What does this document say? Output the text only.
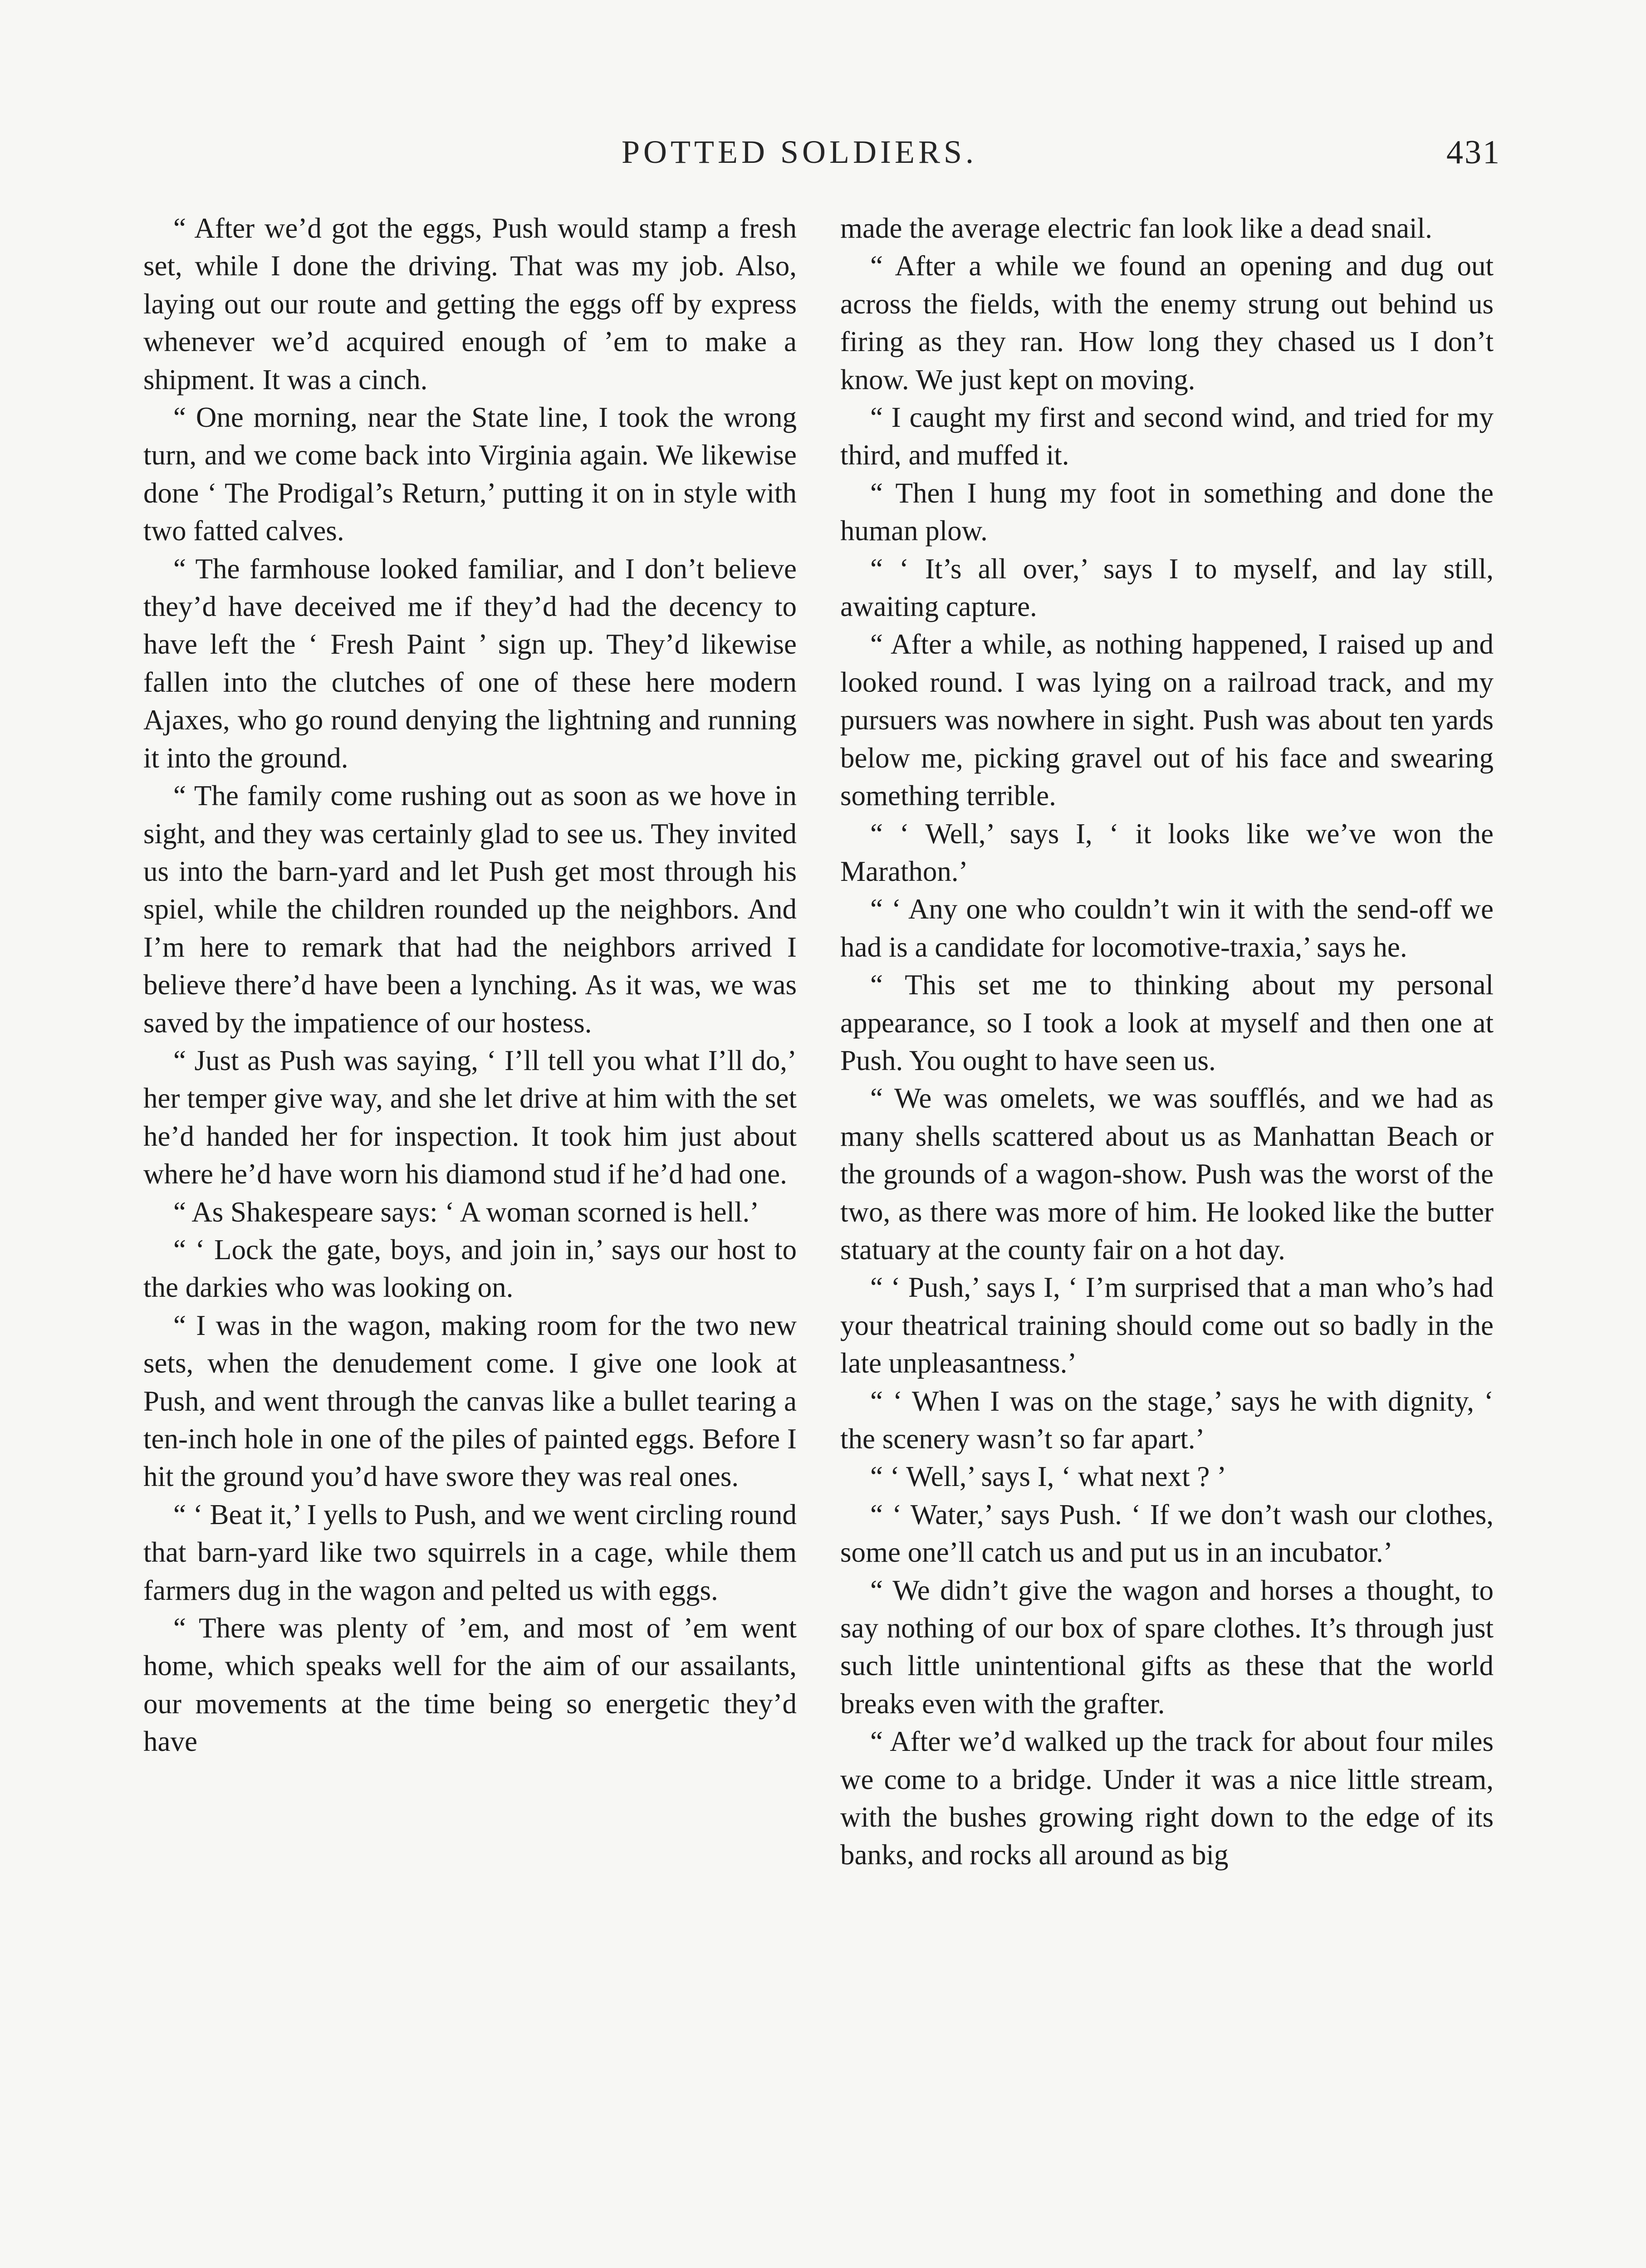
POTTED SOLDIERS.	431

“ After we’d got the eggs, Push would stamp a fresh set, while I done the driving. That was my job. Also, laying out our route and getting the eggs off by express whenever we’d acquired enough of ’em to make a shipment. It was a cinch.

“ One morning, near the State line, I took the wrong turn, and we come back into Virginia again. We likewise done ‘ The Prodigal’s Return,’ putting it on in style with two fatted calves.

“ The farmhouse looked familiar, and I don’t believe they’d have deceived me if they’d had the decency to have left the ‘ Fresh Paint ’ sign up. They’d likewise fallen into the clutches of one of these here modern Ajaxes, who go round denying the lightning and running it into the ground.

“ The family come rushing out as soon as we hove in sight, and they was certainly glad to see us. They invited us into the barn-yard and let Push get most through his spiel, while the children rounded up the neighbors. And I’m here to remark that had the neighbors arrived I believe there’d have been a lynching. As it was, we was saved by the impatience of our hostess.

“ Just as Push was saying, ‘ I’ll tell you what I’ll do,’ her temper give way, and she let drive at him with the set he’d handed her for inspection. It took him just about where he’d have worn his diamond stud if he’d had one.

“ As Shakespeare says: ‘ A woman scorned is hell.’

“ ‘ Lock the gate, boys, and join in,’ says our host to the darkies who was looking on.

“ I was in the wagon, making room for the two new sets, when the denudement come. I give one look at Push, and went through the canvas like a bullet tearing a ten-inch hole in one of the piles of painted eggs. Before I hit the ground you’d have swore they was real ones.

“ ‘ Beat it,’ I yells to Push, and we went circling round that barn-yard like two squirrels in a cage, while them farmers dug in the wagon and pelted us with eggs.

“ There was plenty of ’em, and most of ’em went home, which speaks well for the aim of our assailants, our movements at the time being so energetic they’d have

made the average electric fan look like a dead snail.

“ After a while we found an opening and dug out across the fields, with the enemy strung out behind us firing as they ran. How long they chased us I don’t know. We just kept on moving.

“ I caught my first and second wind, and tried for my third, and muffed it.

“ Then I hung my foot in something and done the human plow.

“ ‘ It’s all over,’ says I to myself, and lay still, awaiting capture.

“ After a while, as nothing happened, I raised up and looked round. I was lying on a railroad track, and my pursuers was nowhere in sight. Push was about ten yards below me, picking gravel out of his face and swearing something terrible.

“ ‘ Well,’ says I, ‘ it looks like we’ve won the Marathon.’

“ ‘ Any one who couldn’t win it with the send-off we had is a candidate for locomotive-traxia,’ says he.

“ This set me to thinking about my personal appearance, so I took a look at myself and then one at Push. You ought to have seen us.

“ We was omelets, we was soufflés, and we had as many shells scattered about us as Manhattan Beach or the grounds of a wagon-show. Push was the worst of the two, as there was more of him. He looked like the butter statuary at the county fair on a hot day.

“ ‘ Push,’ says I, ‘ I’m surprised that a man who’s had your theatrical training should come out so badly in the late unpleasantness.’

“ ‘ When I was on the stage,’ says he with dignity, ‘ the scenery wasn’t so far apart.’

“ ‘ Well,’ says I, ‘ what next ? ’

“ ‘ Water,’ says Push. ‘ If we don’t wash our clothes, some one’ll catch us and put us in an incubator.’

“ We didn’t give the wagon and horses a thought, to say nothing of our box of spare clothes. It’s through just such little unintentional gifts as these that the world breaks even with the grafter.

“ After we’d walked up the track for about four miles we come to a bridge. Under it was a nice little stream, with the bushes growing right down to the edge of its banks, and rocks all around as big
